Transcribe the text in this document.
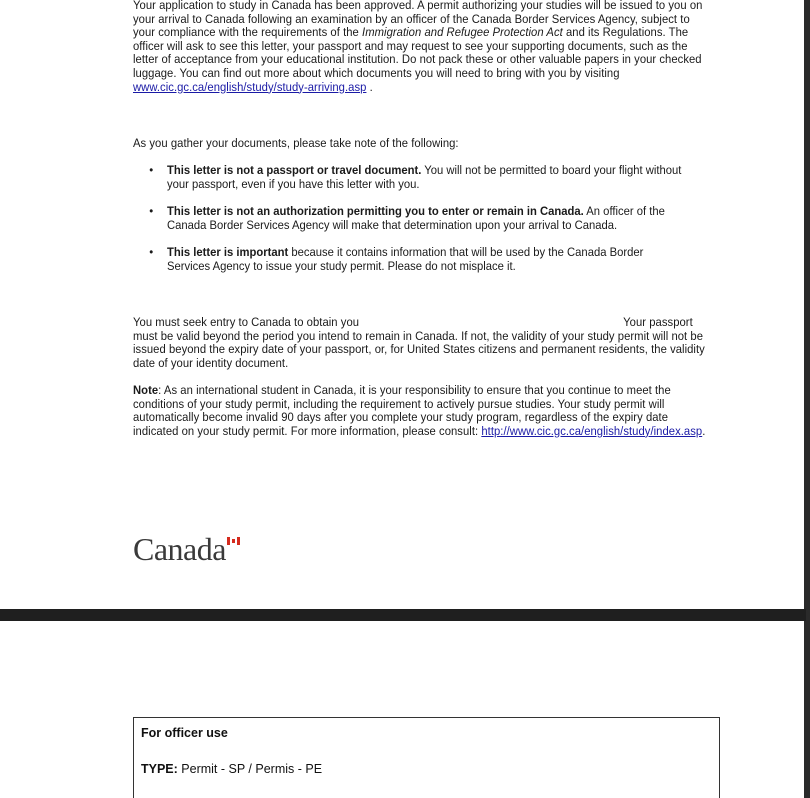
Your application to study in Canada has been approved. A permit authorizing your studies will be issued to you on your arrival to Canada following an examination by an officer of the Canada Border Services Agency, subject to your compliance with the requirements of the Immigration and Refugee Protection Act and its Regulations. The officer will ask to see this letter, your passport and may request to see your supporting documents, such as the letter of acceptance from your educational institution. Do not pack these or other valuable papers in your checked luggage. You can find out more about which documents you will need to bring with you by visiting www.cic.gc.ca/english/study/study-arriving.asp .
As you gather your documents, please take note of the following:
• This letter is not a passport or travel document. You will not be permitted to board your flight without
your passport, even if you have this letter with you.
• This letter is not an authorization permitting you to enter or remain in Canada. An officer of the Canada Border Services Agency will make that determination upon your arrival to Canada.
• This letter is important because it contains information that will be used by the Canada Border Services Agency to issue your study permit. Please do not misplace it.
You must seek entry to Canada to obtain you	Your passport must be valid beyond the period you intend to remain in Canada. If not, the validity of your study permit will not be issued beyond the expiry date of your passport, or, for United States citizens and permanent residents, the validity date of your identity document.
Note: As an international student in Canada, it is your responsibility to ensure that you continue to meet the conditions of your study permit, including the requirement to actively pursue studies. Your study permit will automatically become invalid 90 days after you complete your study program, regardless of the expiry date indicated on your study permit. For more information, please consult: http://www.cic.gc.ca/english/study/index.asp.
Canada
For officer use
TYPE: Permit - SP / Permis - PE
